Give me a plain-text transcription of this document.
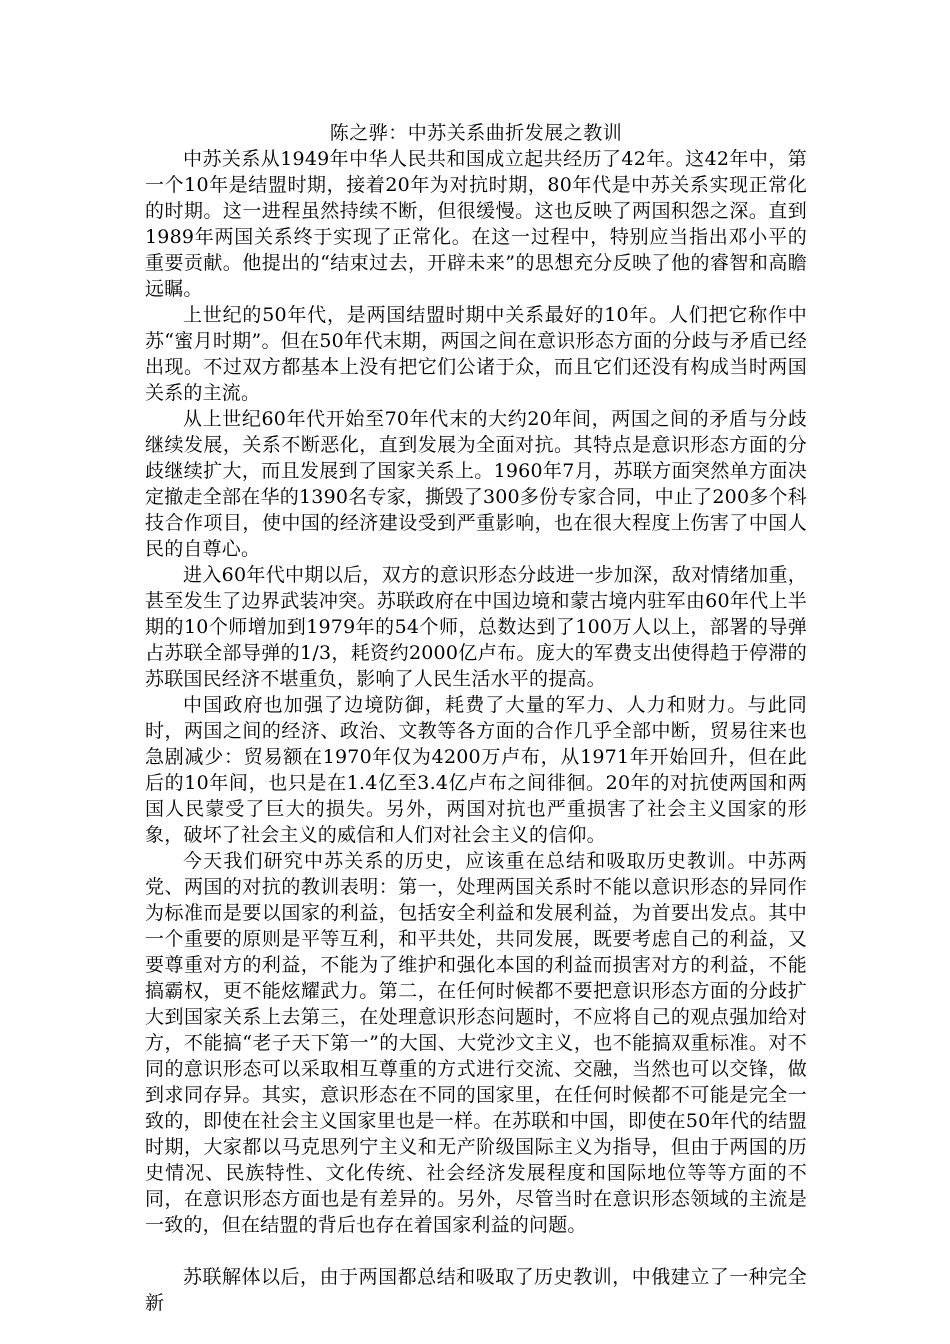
陈之骅：中苏关系曲折发展之教训

中苏关系从1949年中华人民共和国成立起共经历了42年。这42年中，第一个10年是结盟时期，接着20年为对抗时期，80年代是中苏关系实现正常化的时期。这一进程虽然持续不断，但很缓慢。这也反映了两国积怨之深。直到1989年两国关系终于实现了正常化。在这一过程中，特别应当指出邓小平的重要贡献。他提出的“结束过去，开辟未来”的思想充分反映了他的睿智和高瞻远瞩。

上世纪的50年代，是两国结盟时期中关系最好的10年。人们把它称作中苏“蜜月时期”。但在50年代末期，两国之间在意识形态方面的分歧与矛盾已经出现。不过双方都基本上没有把它们公诸于众，而且它们还没有构成当时两国关系的主流。

从上世纪60年代开始至70年代末的大约20年间，两国之间的矛盾与分歧继续发展，关系不断恶化，直到发展为全面对抗。其特点是意识形态方面的分歧继续扩大，而且发展到了国家关系上。1960年7月，苏联方面突然单方面决定撤走全部在华的1390名专家，撕毁了300多份专家合同，中止了200多个科技合作项目，使中国的经济建设受到严重影响，也在很大程度上伤害了中国人民的自尊心。

进入60年代中期以后，双方的意识形态分歧进一步加深，敌对情绪加重，甚至发生了边界武装冲突。苏联政府在中国边境和蒙古境内驻军由60年代上半期的10个师增加到1979年的54个师，总数达到了100万人以上，部署的导弹占苏联全部导弹的1/3，耗资约2000亿卢布。庞大的军费支出使得趋于停滞的苏联国民经济不堪重负，影响了人民生活水平的提高。

中国政府也加强了边境防御，耗费了大量的军力、人力和财力。与此同时，两国之间的经济、政治、文教等各方面的合作几乎全部中断，贸易往来也急剧减少：贸易额在1970年仅为4200万卢布，从1971年开始回升，但在此后的10年间，也只是在1.4亿至3.4亿卢布之间徘徊。20年的对抗使两国和两国人民蒙受了巨大的损失。另外，两国对抗也严重损害了社会主义国家的形象，破坏了社会主义的威信和人们对社会主义的信仰。

今天我们研究中苏关系的历史，应该重在总结和吸取历史教训。中苏两党、两国的对抗的教训表明：第一，处理两国关系时不能以意识形态的异同作为标准而是要以国家的利益，包括安全利益和发展利益，为首要出发点。其中一个重要的原则是平等互利，和平共处，共同发展，既要考虑自己的利益，又要尊重对方的利益，不能为了维护和强化本国的利益而损害对方的利益，不能搞霸权，更不能炫耀武力。第二，在任何时候都不要把意识形态方面的分歧扩大到国家关系上去第三，在处理意识形态问题时，不应将自己的观点强加给对方，不能搞“老子天下第一”的大国、大党沙文主义，也不能搞双重标准。对不同的意识形态可以采取相互尊重的方式进行交流、交融，当然也可以交锋，做到求同存异。其实，意识形态在不同的国家里，在任何时候都不可能是完全一致的，即使在社会主义国家里也是一样。在苏联和中国，即使在50年代的结盟时期，大家都以马克思列宁主义和无产阶级国际主义为指导，但由于两国的历史情况、民族特性、文化传统、社会经济发展程度和国际地位等等方面的不同，在意识形态方面也是有差异的。另外，尽管当时在意识形态领域的主流是一致的，但在结盟的背后也存在着国家利益的问题。

苏联解体以后，由于两国都总结和吸取了历史教训，中俄建立了一种完全新
